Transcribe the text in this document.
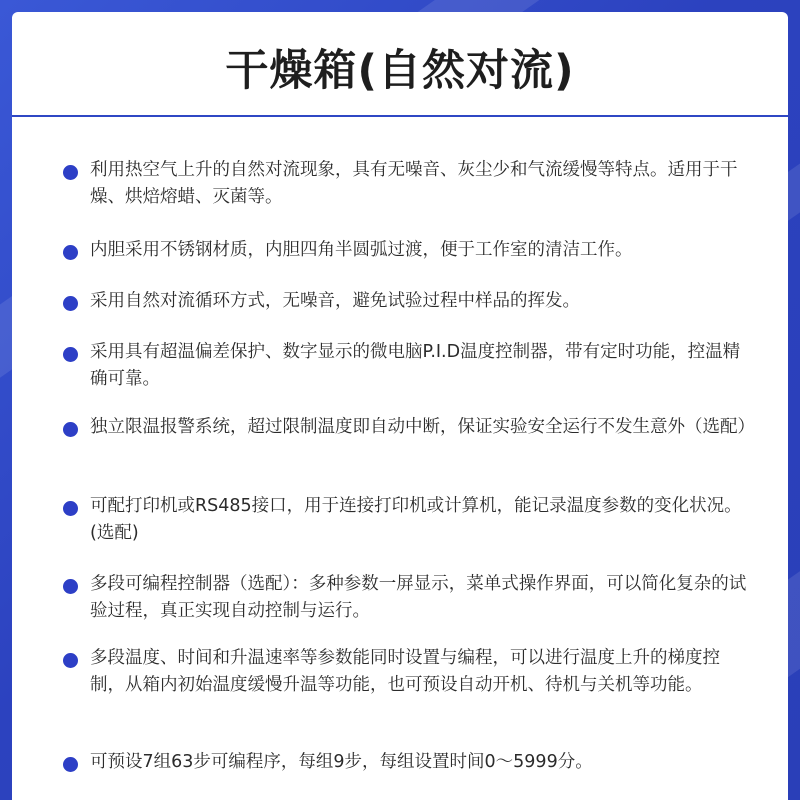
干燥箱(自然对流)
利用热空气上升的自然对流现象，具有无噪音、灰尘少和气流缓慢等特点。适用于干燥、烘焙熔蜡、灭菌等。
内胆采用不锈钢材质，内胆四角半圆弧过渡，便于工作室的清洁工作。
采用自然对流循环方式，无噪音，避免试验过程中样品的挥发。
采用具有超温偏差保护、数字显示的微电脑P.I.D温度控制器，带有定时功能，控温精确可靠。
独立限温报警系统，超过限制温度即自动中断，保证实验安全运行不发生意外（选配）
可配打印机或RS485接口，用于连接打印机或计算机，能记录温度参数的变化状况。(选配)
多段可编程控制器（选配）：多种参数一屏显示，菜单式操作界面，可以简化复杂的试验过程，真正实现自动控制与运行。
多段温度、时间和升温速率等参数能同时设置与编程，可以进行温度上升的梯度控制，从箱内初始温度缓慢升温等功能，也可预设自动开机、待机与关机等功能。
可预设7组63步可编程序，每组9步，每组设置时间0～5999分。
